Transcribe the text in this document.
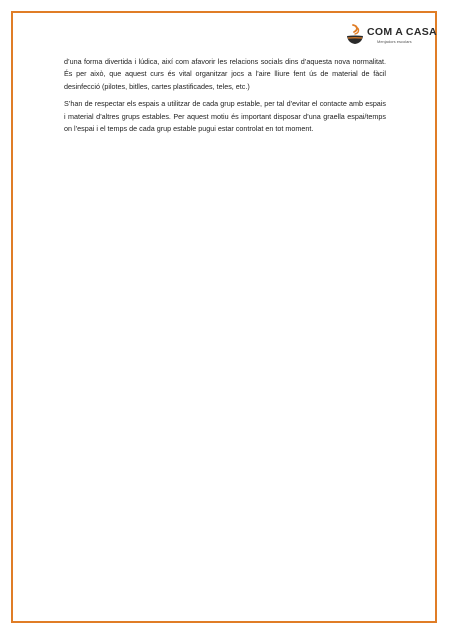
COM A CASA
Menjadors escolars

d’una forma divertida i lúdica, així com afavorir les relacions socials dins d’aquesta nova normalitat. És per això, que aquest curs és vital organitzar jocs a l’aire lliure fent ús de material de fàcil desinfecció (pilotes, bitlles, cartes plastificades, teles, etc.)

S’han de respectar els espais a utilitzar de cada grup estable, per tal d’evitar el contacte amb espais i material d’altres grups estables. Per aquest motiu és important disposar d’una graella espai/temps on l’espai i el temps de cada grup estable pugui estar controlat en tot moment.
